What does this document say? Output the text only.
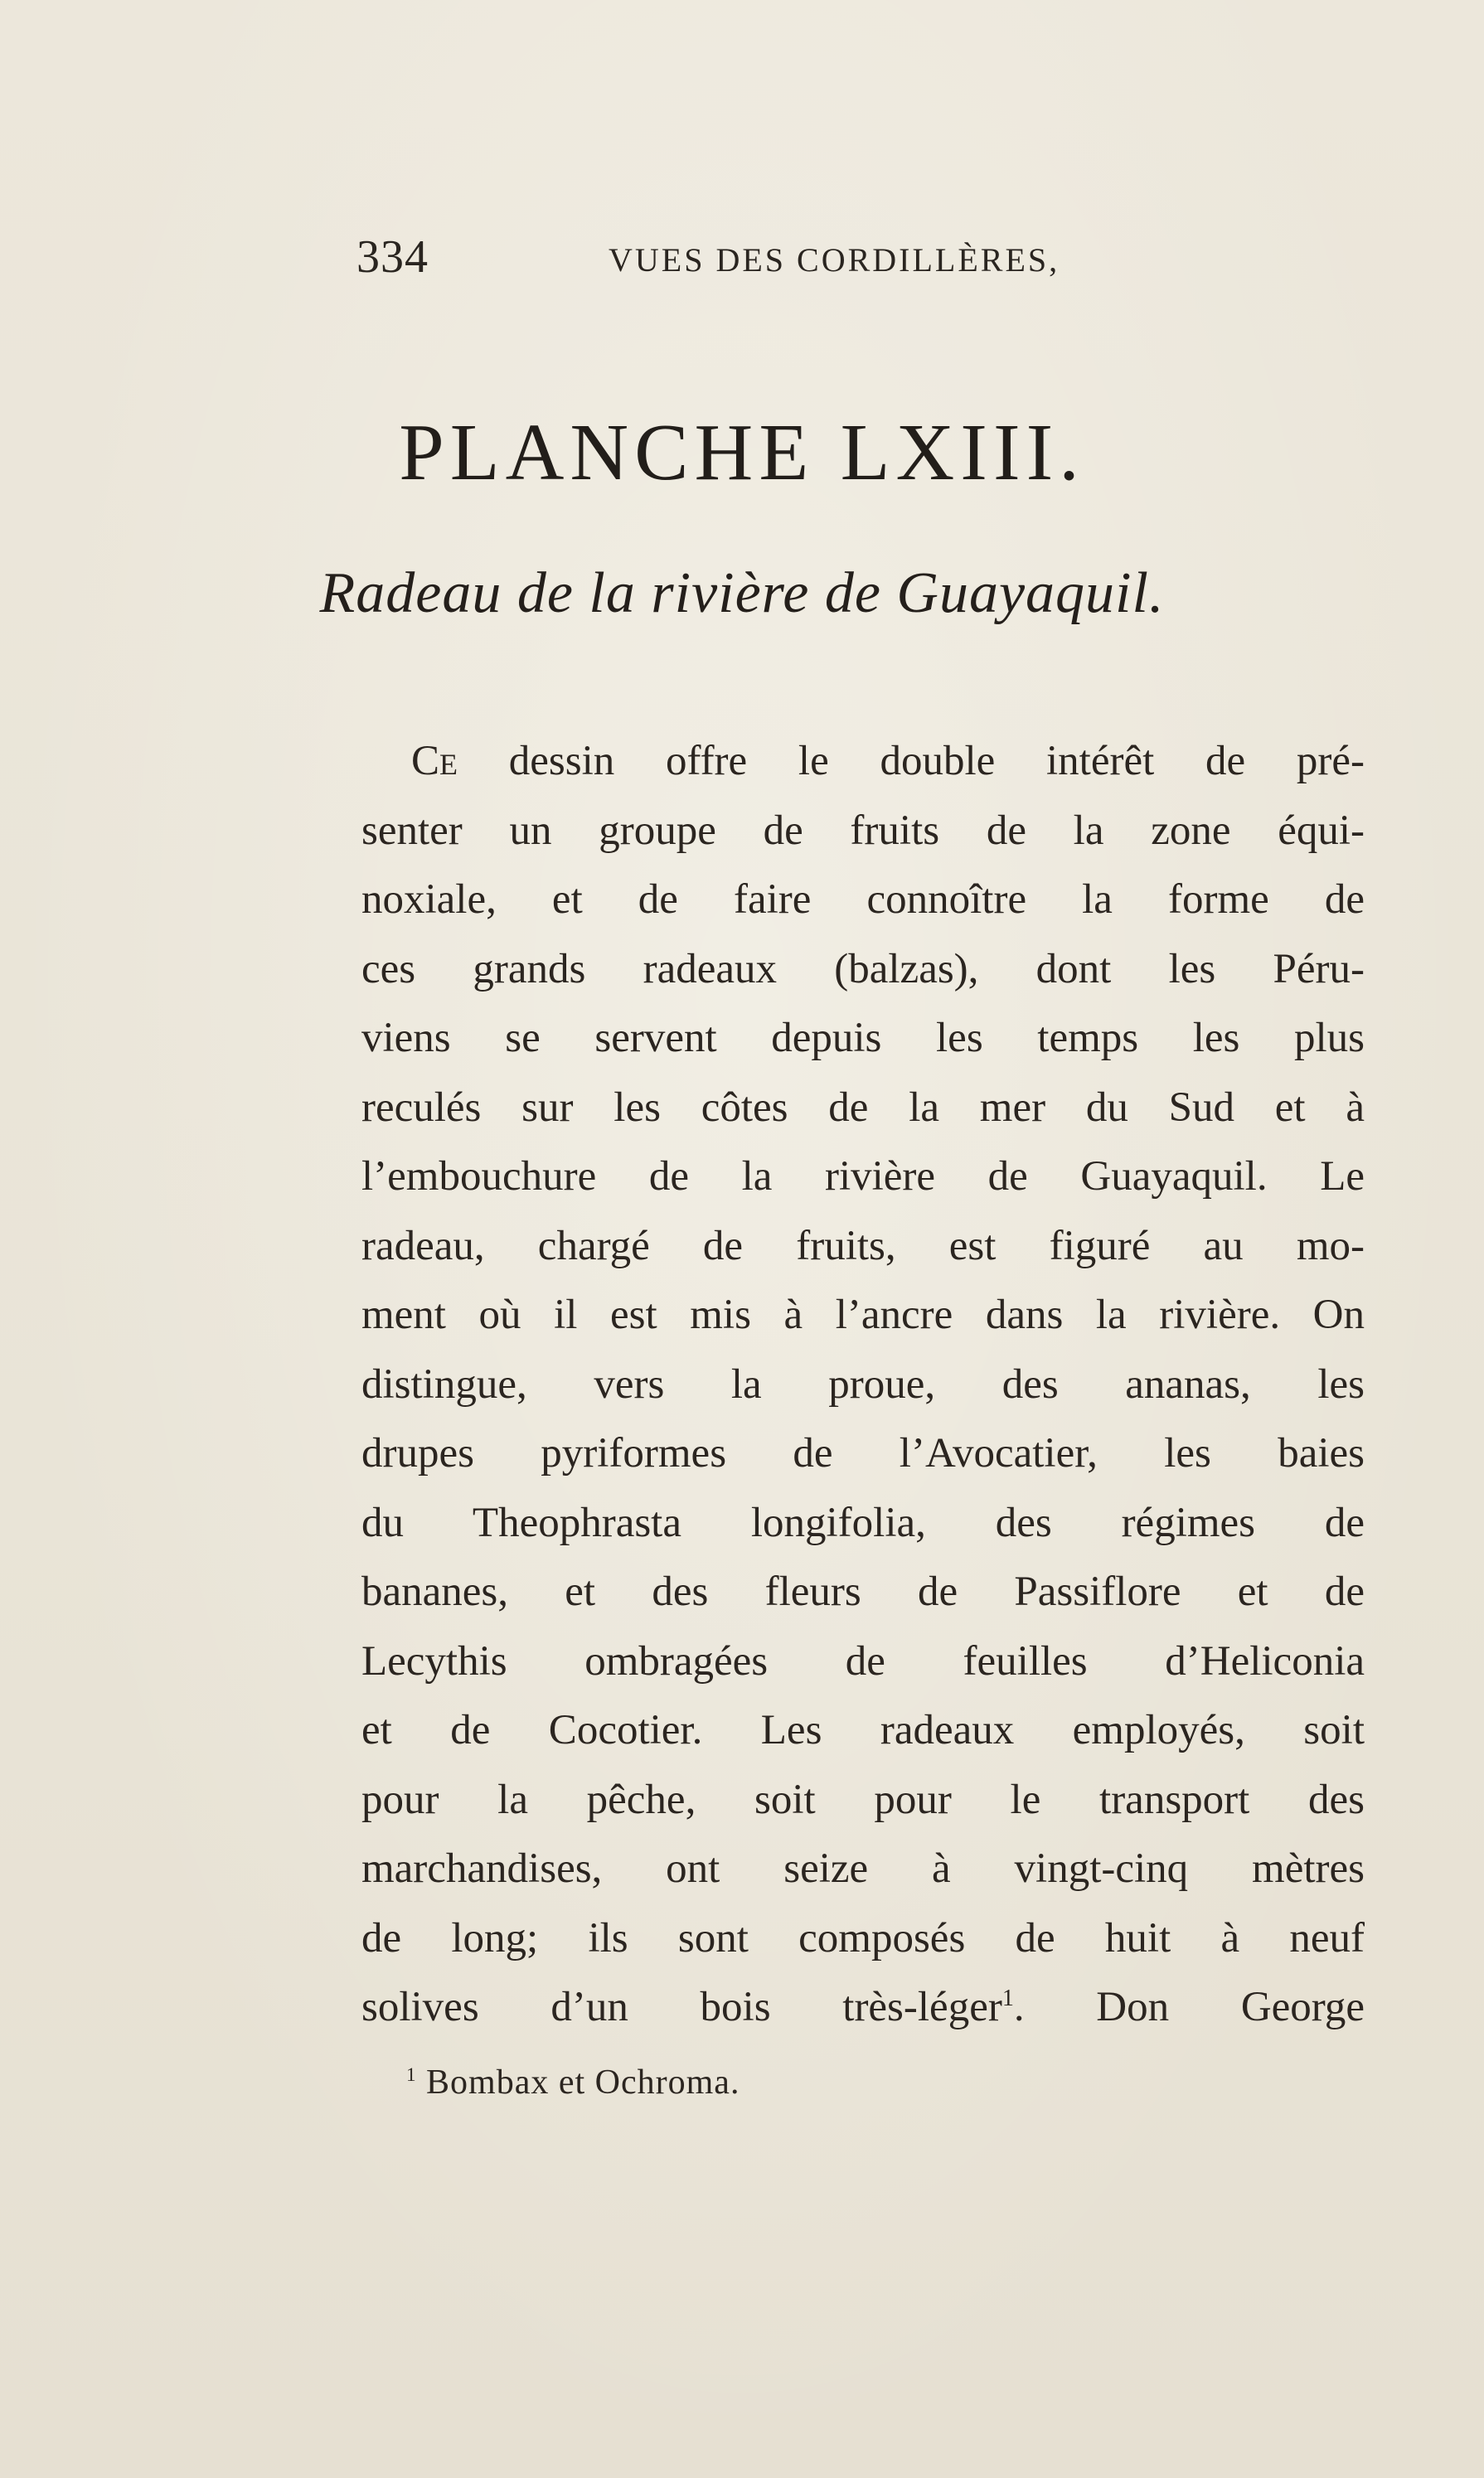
334	VUES DES CORDILLÈRES,
PLANCHE LXIII.
Radeau de la rivière de Guayaquil.
Ce dessin offre le double intérêt de pré-
senter un groupe de fruits de la zone équi-
noxiale, et de faire connoître la forme de
ces grands radeaux (balzas), dont les Péru-
viens se servent depuis les temps les plus
reculés sur les côtes de la mer du Sud et à
l’embouchure de la rivière de Guayaquil. Le
radeau, chargé de fruits, est figuré au mo-
ment où il est mis à l’ancre dans la rivière. On
distingue, vers la proue, des ananas, les
drupes pyriformes de l’Avocatier, les baies
du Theophrasta longifolia, des régimes de
bananes, et des fleurs de Passiflore et de
Lecythis ombragées de feuilles d’Heliconia
et de Cocotier. Les radeaux employés, soit
pour la pêche, soit pour le transport des
marchandises, ont seize à vingt-cinq mètres
de long; ils sont composés de huit à neuf
solives d’un bois très-léger$^1$. Don George
$^1$ Bombax et Ochroma.
